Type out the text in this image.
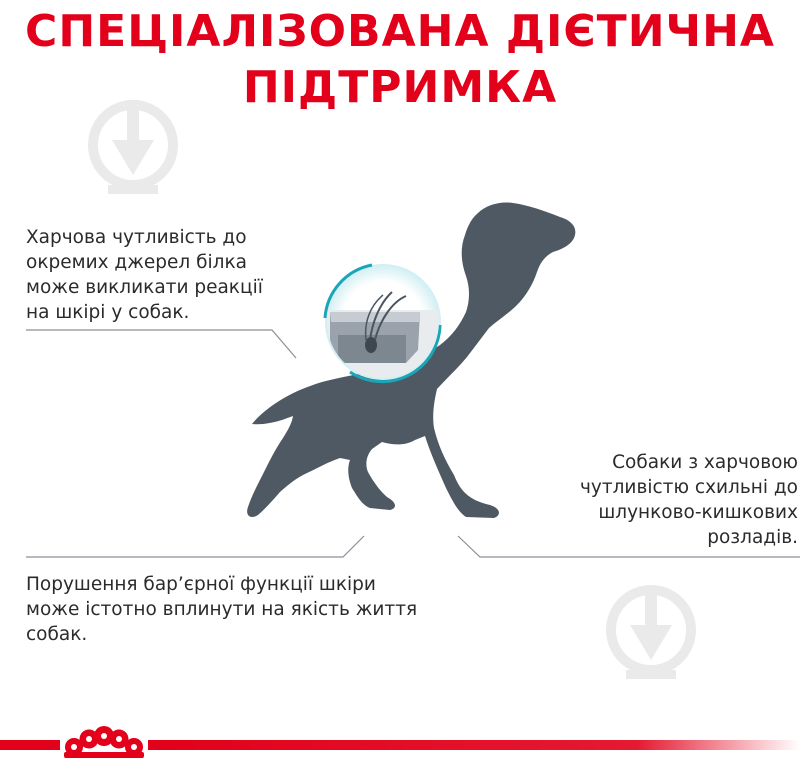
СПЕЦІАЛІЗОВАНА ДІЄТИЧНА
ПІДТРИМКА
Харчова чутливість до
окремих джерел білка
може викликати реакції
на шкірі у собак.
Собаки з харчовою
чутливістю схильні до
шлунково-кишкових
розладів.
Порушення бар’єрної функції шкіри
може істотно вплинути на якість життя
собак.
